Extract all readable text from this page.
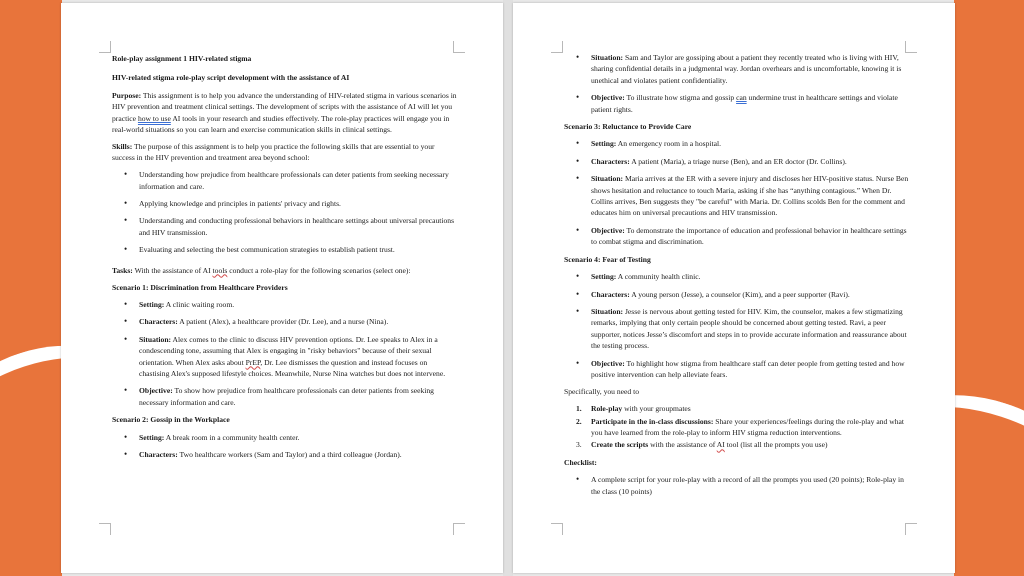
Role-play assignment 1 HIV-related stigma

HIV-related stigma role-play script development with the assistance of AI

Purpose: This assignment is to help you advance the understanding of HIV-related stigma in various scenarios in HIV prevention and treatment clinical settings. The development of scripts with the assistance of AI will let you practice how to use AI tools in your research and studies effectively. The role-play practices will engage you in real-world situations so you can learn and exercise communication skills in clinical settings.

Skills: The purpose of this assignment is to help you practice the following skills that are essential to your success in the HIV prevention and treatment area beyond school:

• Understanding how prejudice from healthcare professionals can deter patients from seeking necessary information and care.
• Applying knowledge and principles in patients' privacy and rights.
• Understanding and conducting professional behaviors in healthcare settings about universal precautions and HIV transmission.
• Evaluating and selecting the best communication strategies to establish patient trust.

Tasks: With the assistance of AI tools conduct a role-play for the following scenarios (select one):

Scenario 1: Discrimination from Healthcare Providers

• Setting: A clinic waiting room.
• Characters: A patient (Alex), a healthcare provider (Dr. Lee), and a nurse (Nina).
• Situation: Alex comes to the clinic to discuss HIV prevention options. Dr. Lee speaks to Alex in a condescending tone, assuming that Alex is engaging in "risky behaviors" because of their sexual orientation. When Alex asks about PrEP, Dr. Lee dismisses the question and instead focuses on chastising Alex's supposed lifestyle choices. Meanwhile, Nurse Nina watches but does not intervene.
• Objective: To show how prejudice from healthcare professionals can deter patients from seeking necessary information and care.

Scenario 2: Gossip in the Workplace

• Setting: A break room in a community health center.
• Characters: Two healthcare workers (Sam and Taylor) and a third colleague (Jordan).
• Situation: Sam and Taylor are gossiping about a patient they recently treated who is living with HIV, sharing confidential details in a judgmental way. Jordan overhears and is uncomfortable, knowing it is unethical and violates patient confidentiality.
• Objective: To illustrate how stigma and gossip can undermine trust in healthcare settings and violate patient rights.

Scenario 3: Reluctance to Provide Care

• Setting: An emergency room in a hospital.
• Characters: A patient (Maria), a triage nurse (Ben), and an ER doctor (Dr. Collins).
• Situation: Maria arrives at the ER with a severe injury and discloses her HIV-positive status. Nurse Ben shows hesitation and reluctance to touch Maria, asking if she has “anything contagious.” When Dr. Collins arrives, Ben suggests they "be careful" with Maria. Dr. Collins scolds Ben for the comment and educates him on universal precautions and HIV transmission.
• Objective: To demonstrate the importance of education and professional behavior in healthcare settings to combat stigma and discrimination.

Scenario 4: Fear of Testing

• Setting: A community health clinic.
• Characters: A young person (Jesse), a counselor (Kim), and a peer supporter (Ravi).
• Situation: Jesse is nervous about getting tested for HIV. Kim, the counselor, makes a few stigmatizing remarks, implying that only certain people should be concerned about getting tested. Ravi, a peer supporter, notices Jesse’s discomfort and steps in to provide accurate information and reassurance about the testing process.
• Objective: To highlight how stigma from healthcare staff can deter people from getting tested and how positive intervention can help alleviate fears.

Specifically, you need to

1. Role-play with your groupmates
2. Participate in the in-class discussions: Share your experiences/feelings during the role-play and what you have learned from the role-play to inform HIV stigma reduction interventions.
3. Create the scripts with the assistance of AI tool (list all the prompts you use)

Checklist:

• A complete script for your role-play with a record of all the prompts you used (20 points); Role-play in the class (10 points)
